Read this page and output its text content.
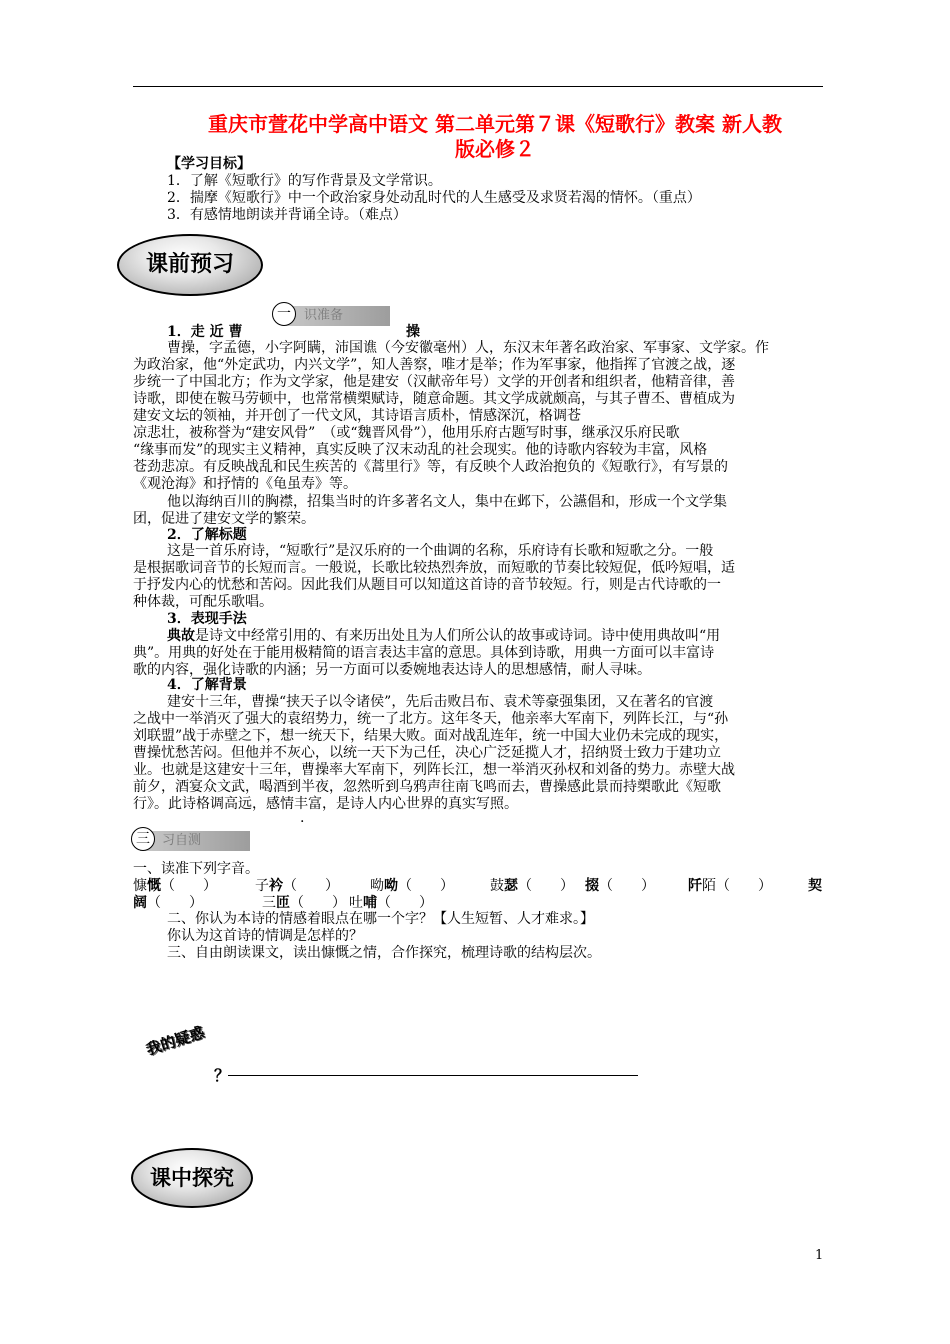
重庆市萱花中学高中语文 第二单元第７课《短歌行》教案 新人教
版必修２
【学习目标】
1．了解《短歌行》的写作背景及文学常识。
2．揣摩《短歌行》中一个政治家身处动乱时代的人生感受及求贤若渴的情怀。（重点）
3．有感情地朗读并背诵全诗。（难点）
课前预习
识准备
一
1．走 近 曹	操
曹操，字孟德，小字阿瞒，沛国谯（今安徽毫州）人，东汉末年著名政治家、军事家、文学家。作
为政治家，他“外定武功，内兴文学”，知人善察，唯才是举；作为军事家，他指挥了官渡之战，逐
步统一了中国北方；作为文学家，他是建安（汉献帝年号）文学的开创者和组织者，他精音律，善
诗歌，即使在鞍马劳顿中，也常常横槊赋诗，随意命题。其文学成就颇高，与其子曹丕、曹植成为
建安文坛的领袖，并开创了一代文风，其诗语言质朴，情感深沉，格调苍
凉悲壮，被称誉为“建安风骨”　（或“魏晋风骨”），他用乐府古题写时事，继承汉乐府民歌
“缘事而发”的现实主义精神，真实反映了汉末动乱的社会现实。他的诗歌内容较为丰富，风格
苍劲悲凉。有反映战乱和民生疾苦的《蒿里行》等，有反映个人政治抱负的《短歌行》，有写景的
《观沧海》和抒情的《龟虽寿》等。
他以海纳百川的胸襟，招集当时的许多著名文人，集中在邺下，公讌倡和，形成一个文学集
团，促进了建安文学的繁荣。
2．了解标题
这是一首乐府诗，“短歌行”是汉乐府的一个曲调的名称，乐府诗有长歌和短歌之分。一般
是根据歌词音节的长短而言。一般说，长歌比较热烈奔放，而短歌的节奏比较短促，低吟短唱，适
于抒发内心的忧愁和苦闷。因此我们从题目可以知道这首诗的音节较短。行，则是古代诗歌的一
种体裁，可配乐歌唱。
3．表现手法
典故是诗文中经常引用的、有来历出处且为人们所公认的故事或诗词。诗中使用典故叫“用
典”。用典的好处在于能用极精简的语言表达丰富的意思。具体到诗歌，用典一方面可以丰富诗
歌的内容，强化诗歌的内涵；另一方面可以委婉地表达诗人的思想感情，耐人寻味。
4．了解背景
建安十三年，曹操“挟天子以令诸侯”，先后击败吕布、袁术等豪强集团，又在著名的官渡
之战中一举消灭了强大的袁绍势力，统一了北方。这年冬天，他亲率大军南下，列阵长江，与“孙
刘联盟”战于赤壁之下，想一统天下，结果大败。面对战乱连年，统一中国大业仍未完成的现实，
曹操忧愁苦闷。但他并不灰心，以统一天下为己任，决心广泛延揽人才，招纳贤士致力于建功立
业。也就是这建安十三年，曹操率大军南下，列阵长江，想一举消灭孙权和刘备的势力。赤壁大战
前夕，酒宴众文武，喝酒到半夜，忽然听到乌鸦声往南飞鸣而去，曹操感此景而持槊歌此《短歌
行》。此诗格调高远，感情丰富，是诗人内心世界的真实写照。
.
习自测
三
一、读准下列字音。
慷慨（　　）	子衿（　　） 呦呦（　　）	鼓瑟（　　） 掇（　　） 阡陌（　　）	契
阔（　　）	三匝（　　） 吐哺（　　）
二、你认为本诗的情感着眼点在哪一个字？【人生短暂、人才难求。】
你认为这首诗的情调是怎样的？
三、自由朗读课文，读出慷慨之情，合作探究，梳理诗歌的结构层次。
我的疑惑
？
课中探究
1
